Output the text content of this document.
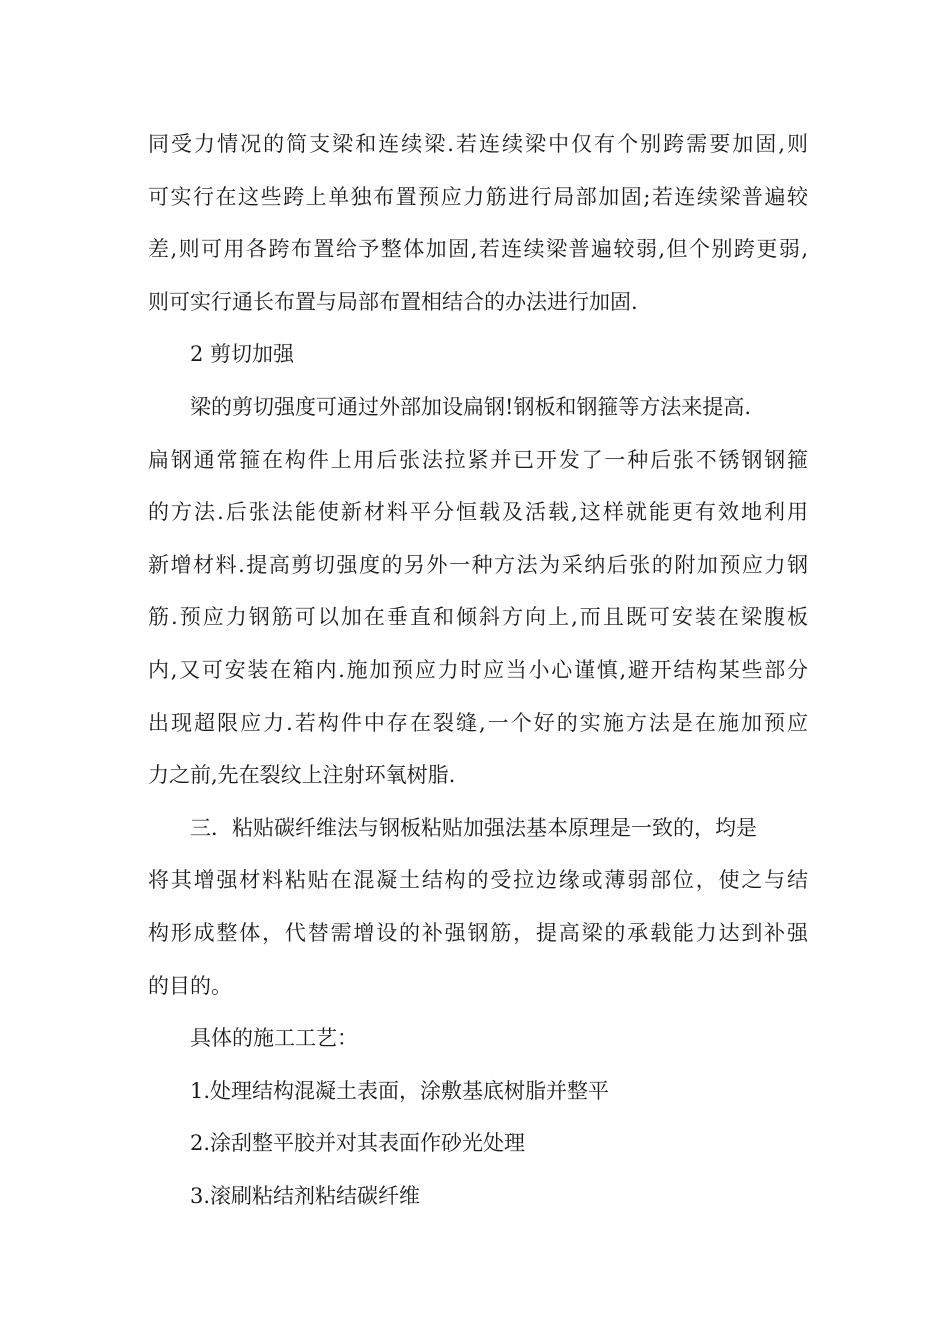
同受力情况的简支梁和连续梁.若连续梁中仅有个别跨需要加固,则
可实行在这些跨上单独布置预应力筋进行局部加固;若连续梁普遍较
差,则可用各跨布置给予整体加固,若连续梁普遍较弱,但个别跨更弱,
则可实行通长布置与局部布置相结合的办法进行加固.
2 剪切加强
梁的剪切强度可通过外部加设扁钢!钢板和钢箍等方法来提高.
扁钢通常箍在构件上用后张法拉紧并已开发了一种后张不锈钢钢箍
的方法.后张法能使新材料平分恒载及活载,这样就能更有效地利用
新增材料.提高剪切强度的另外一种方法为采纳后张的附加预应力钢
筋.预应力钢筋可以加在垂直和倾斜方向上,而且既可安装在梁腹板
内,又可安装在箱内.施加预应力时应当小心谨慎,避开结构某些部分
出现超限应力.若构件中存在裂缝,一个好的实施方法是在施加预应
力之前,先在裂纹上注射环氧树脂.
三．粘贴碳纤维法与钢板粘贴加强法基本原理是一致的，均是
将其增强材料粘贴在混凝土结构的受拉边缘或薄弱部位，使之与结
构形成整体，代替需增设的补强钢筋，提高梁的承载能力达到补强
的目的。
具体的施工工艺：
1.处理结构混凝土表面，涂敷基底树脂并整平
2.涂刮整平胶并对其表面作砂光处理
3.滚刷粘结剂粘结碳纤维
